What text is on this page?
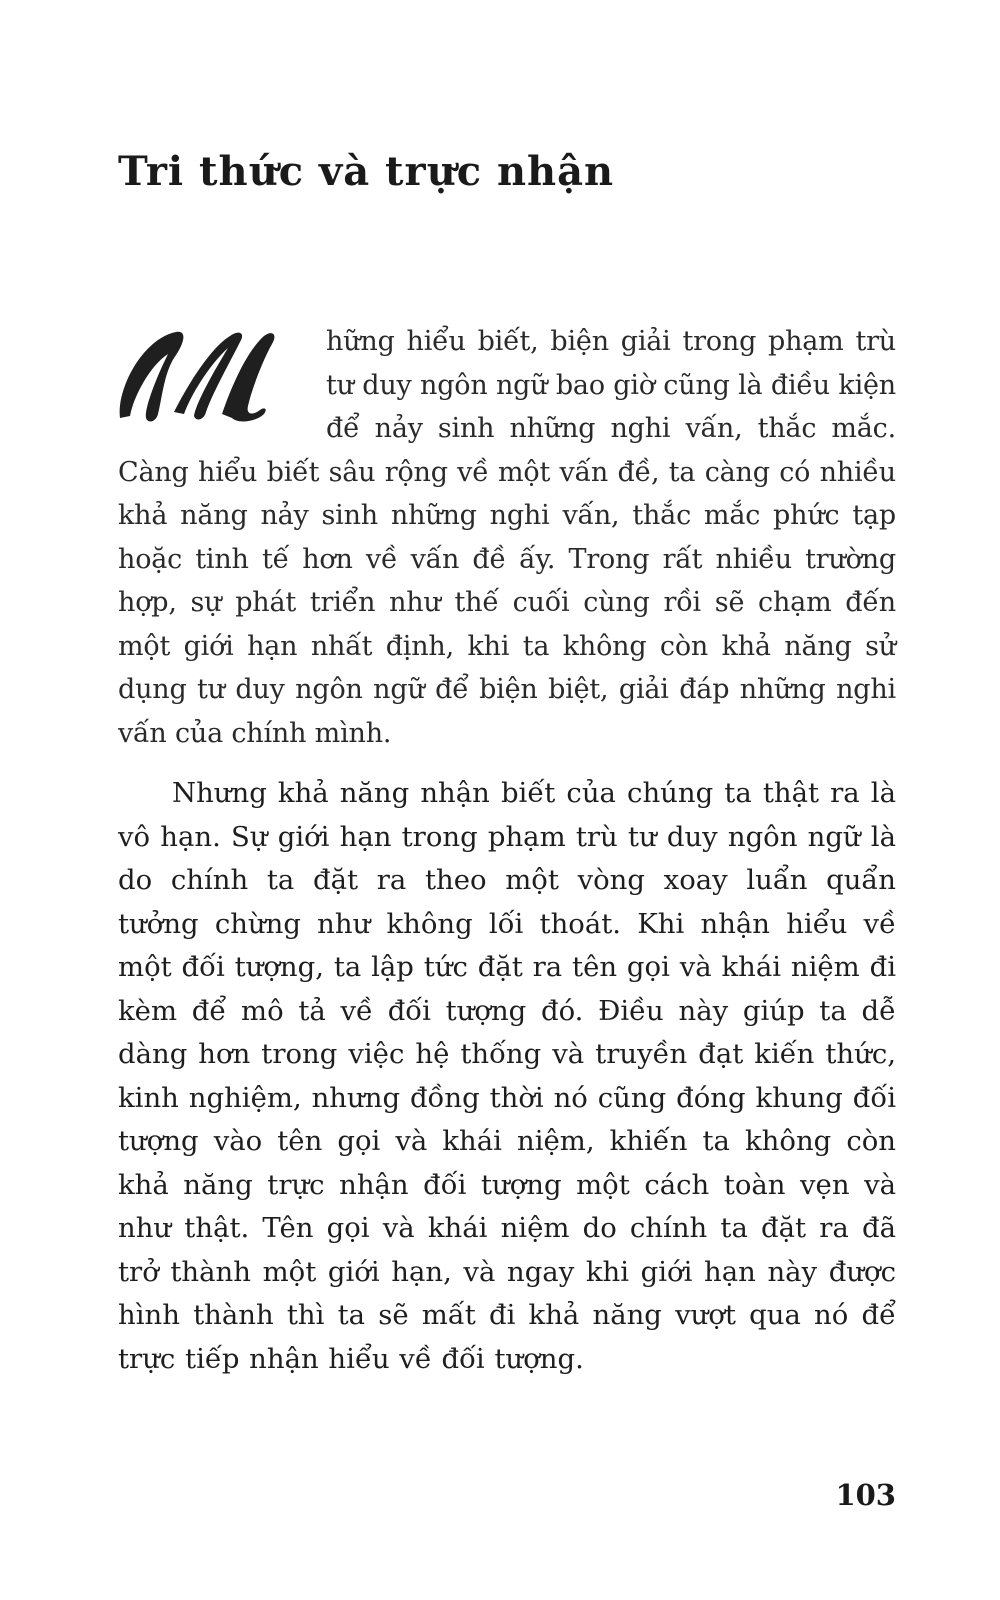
Tri thức và trực nhận

hững hiểu biết, biện giải trong phạm trù tư duy ngôn ngữ bao giờ cũng là điều kiện để nảy sinh những nghi vấn, thắc mắc. Càng hiểu biết sâu rộng về một vấn đề, ta càng có nhiều khả năng nảy sinh những nghi vấn, thắc mắc phức tạp hoặc tinh tế hơn về vấn đề ấy. Trong rất nhiều trường hợp, sự phát triển như thế cuối cùng rồi sẽ chạm đến một giới hạn nhất định, khi ta không còn khả năng sử dụng tư duy ngôn ngữ để biện biệt, giải đáp những nghi vấn của chính mình.

Nhưng khả năng nhận biết của chúng ta thật ra là vô hạn. Sự giới hạn trong phạm trù tư duy ngôn ngữ là do chính ta đặt ra theo một vòng xoay luẩn quẩn tưởng chừng như không lối thoát. Khi nhận hiểu về một đối tượng, ta lập tức đặt ra tên gọi và khái niệm đi kèm để mô tả về đối tượng đó. Điều này giúp ta dễ dàng hơn trong việc hệ thống và truyền đạt kiến thức, kinh nghiệm, nhưng đồng thời nó cũng đóng khung đối tượng vào tên gọi và khái niệm, khiến ta không còn khả năng trực nhận đối tượng một cách toàn vẹn và như thật. Tên gọi và khái niệm do chính ta đặt ra đã trở thành một giới hạn, và ngay khi giới hạn này được hình thành thì ta sẽ mất đi khả năng vượt qua nó để trực tiếp nhận hiểu về đối tượng.

103
